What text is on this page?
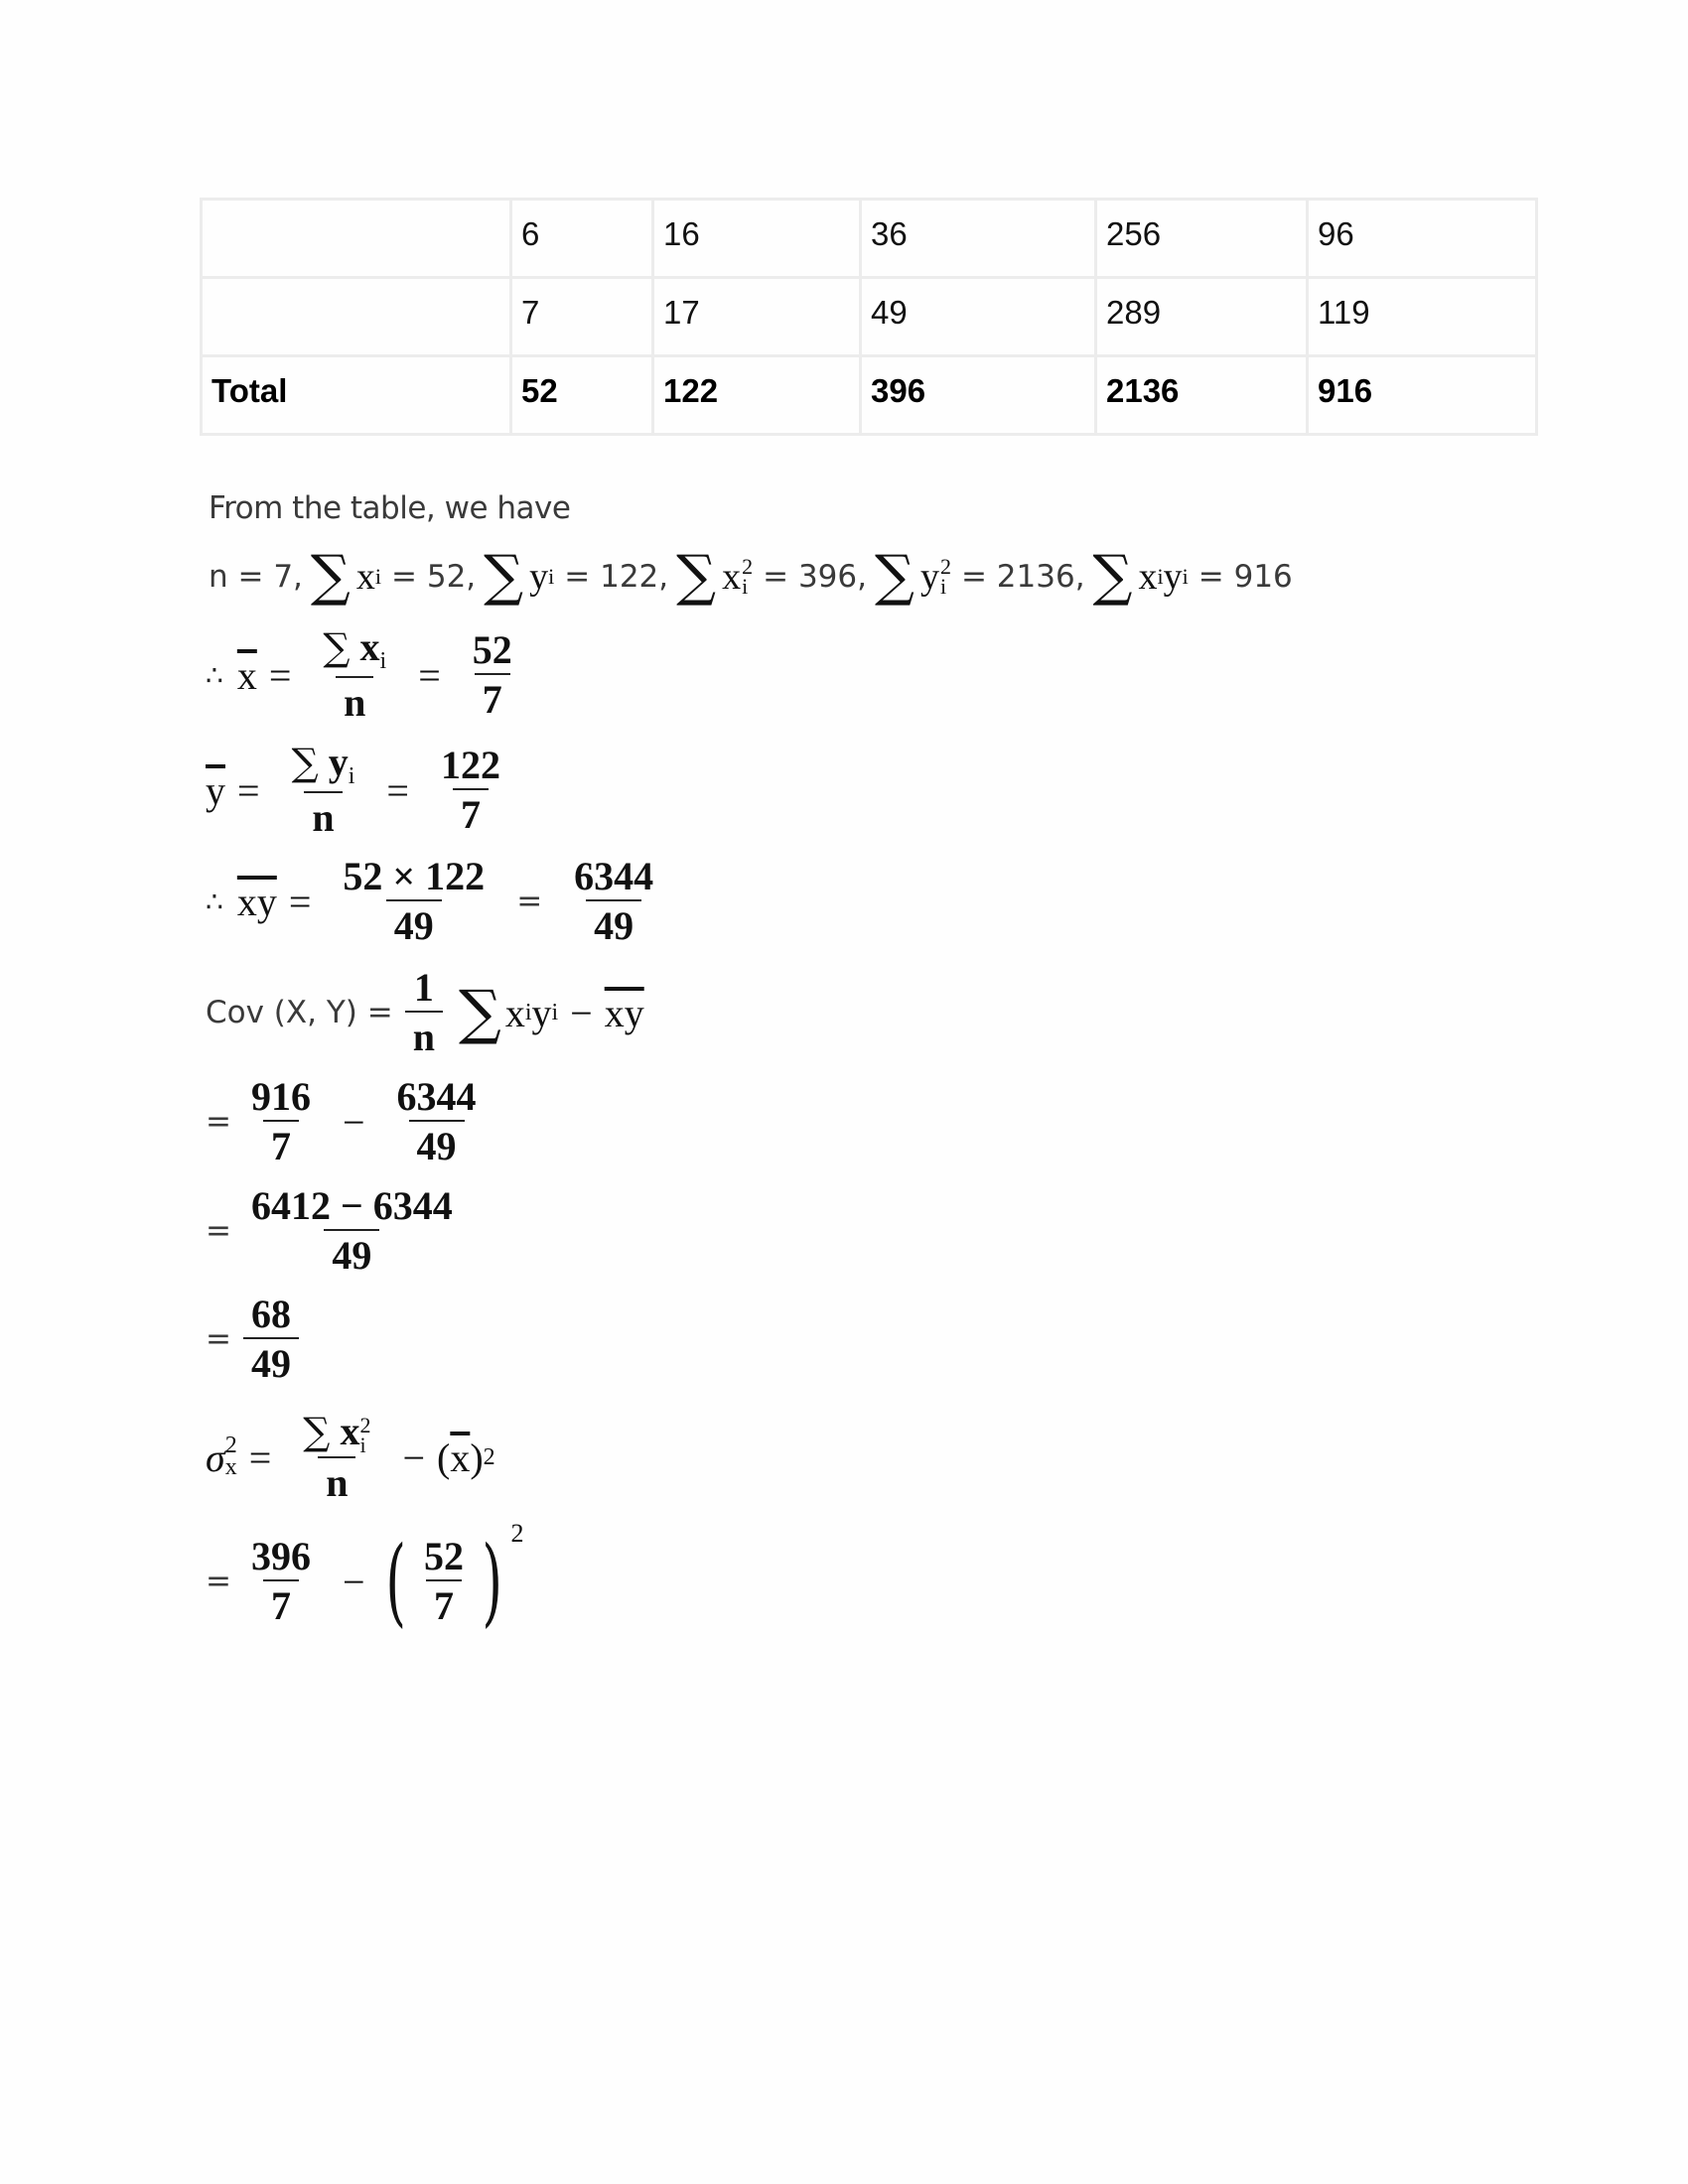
	6	16	36	256	96

	7	17	49	289	119

Total	52	122	396	2136	916
From the table, we have
n = 7, ∑ x i = 52, ∑ y i = 122, ∑ x 2
i = 396, ∑ y 2
i = 2136, ∑ x i y i = 916
∴ $\overline{x} = \frac{\sum x_i}{n} = \frac{52}{7}$
$\overline{y} = \frac{\sum y_i}{n} = \frac{122}{7}$
∴ $\overline{xy} = \frac{52 \times 122}{49} = \frac{6344}{49}$
Cov (X, $Y) = \frac{1}{n}$ ∑ x i y $i - \overline{xy}$
= $\frac{916}{7} - \frac{6344}{49}$
= $\frac{6412 - 6344}{49}$
= $\frac{68}{49}$
σ 2
x = ∑ x 2
i
n − ( $\overline{x}$ ) 2
= $\frac{396}{7}$ − ( $\frac{52}{7}$ ) 2
